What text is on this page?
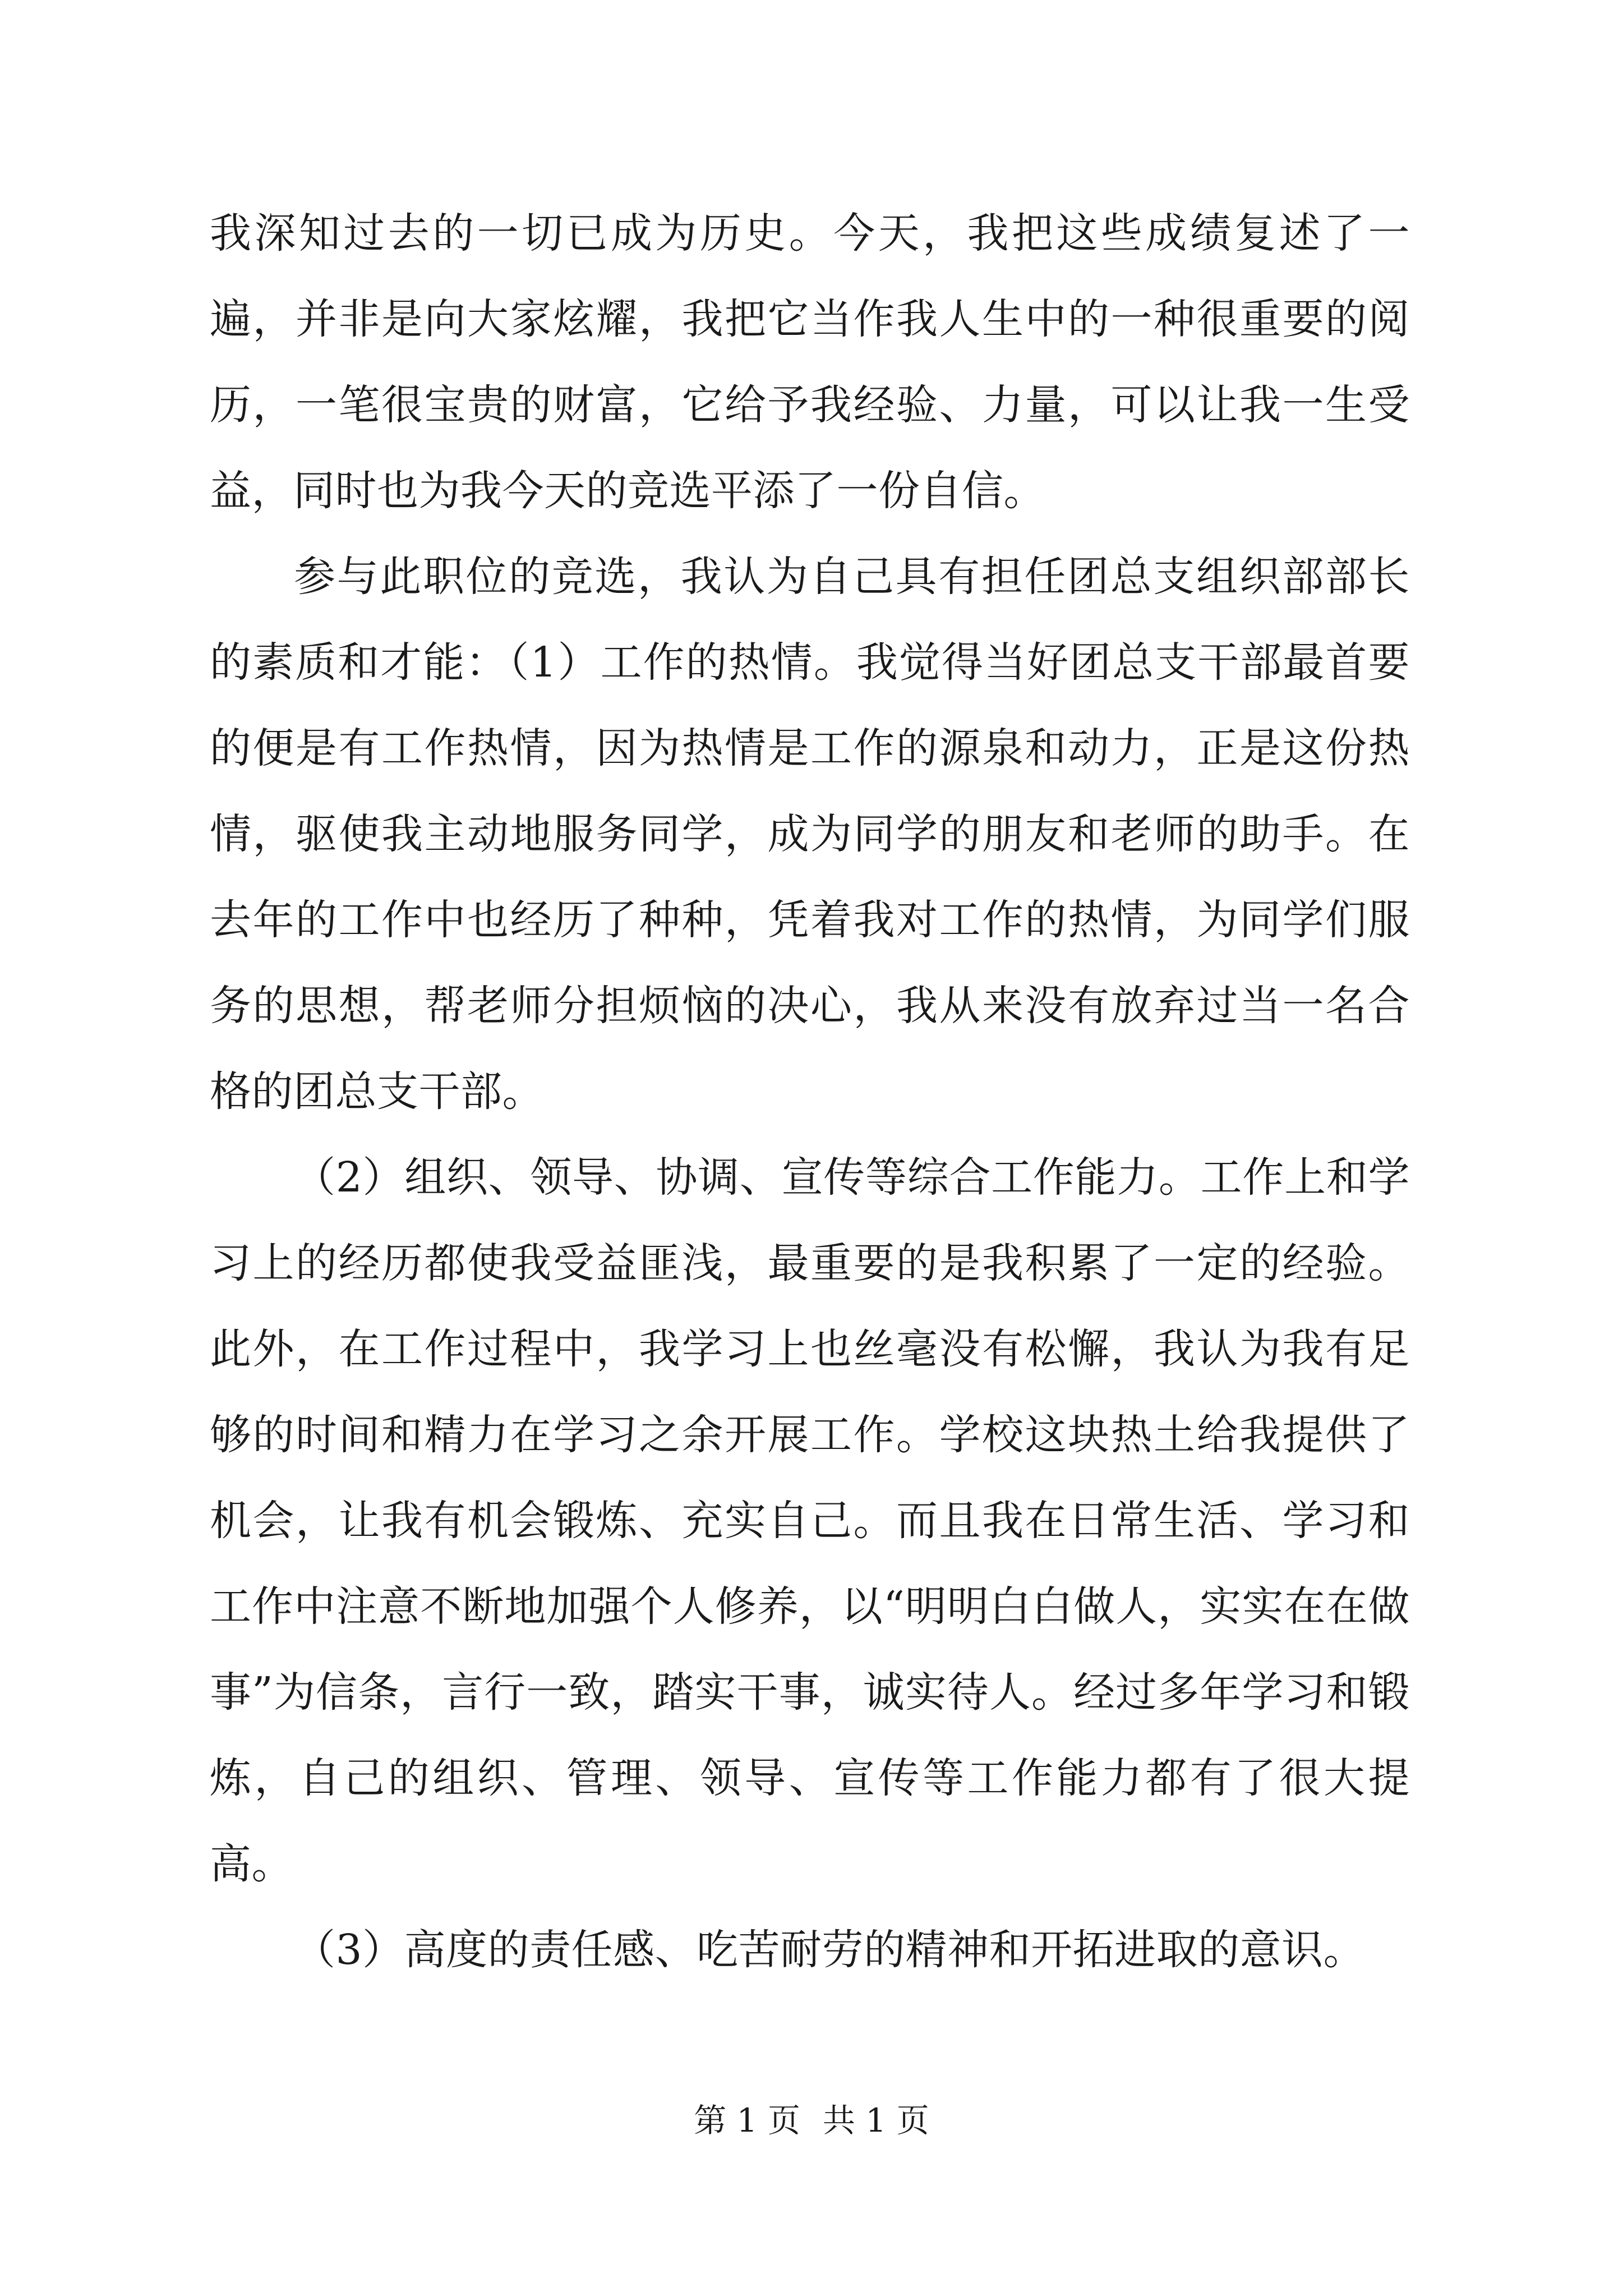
我深知过去的一切已成为历史。今天，我把这些成绩复述了一遍，并非是向大家炫耀，我把它当作我人生中的一种很重要的阅历，一笔很宝贵的财富，它给予我经验、力量，可以让我一生受益，同时也为我今天的竞选平添了一份自信。

参与此职位的竞选，我认为自己具有担任团总支组织部部长的素质和才能：（1）工作的热情。我觉得当好团总支干部最首要的便是有工作热情，因为热情是工作的源泉和动力，正是这份热情，驱使我主动地服务同学，成为同学的朋友和老师的助手。在去年的工作中也经历了种种，凭着我对工作的热情，为同学们服务的思想，帮老师分担烦恼的决心，我从来没有放弃过当一名合格的团总支干部。

（2）组织、领导、协调、宣传等综合工作能力。工作上和学习上的经历都使我受益匪浅，最重要的是我积累了一定的经验。此外，在工作过程中，我学习上也丝毫没有松懈，我认为我有足够的时间和精力在学习之余开展工作。学校这块热土给我提供了机会，让我有机会锻炼、充实自己。而且我在日常生活、学习和工作中注意不断地加强个人修养，以“明明白白做人，实实在在做事”为信条，言行一致，踏实干事，诚实待人。经过多年学习和锻炼，自己的组织、管理、领导、宣传等工作能力都有了很大提高。

（3）高度的责任感、吃苦耐劳的精神和开拓进取的意识。

第 1 页 共 1 页
